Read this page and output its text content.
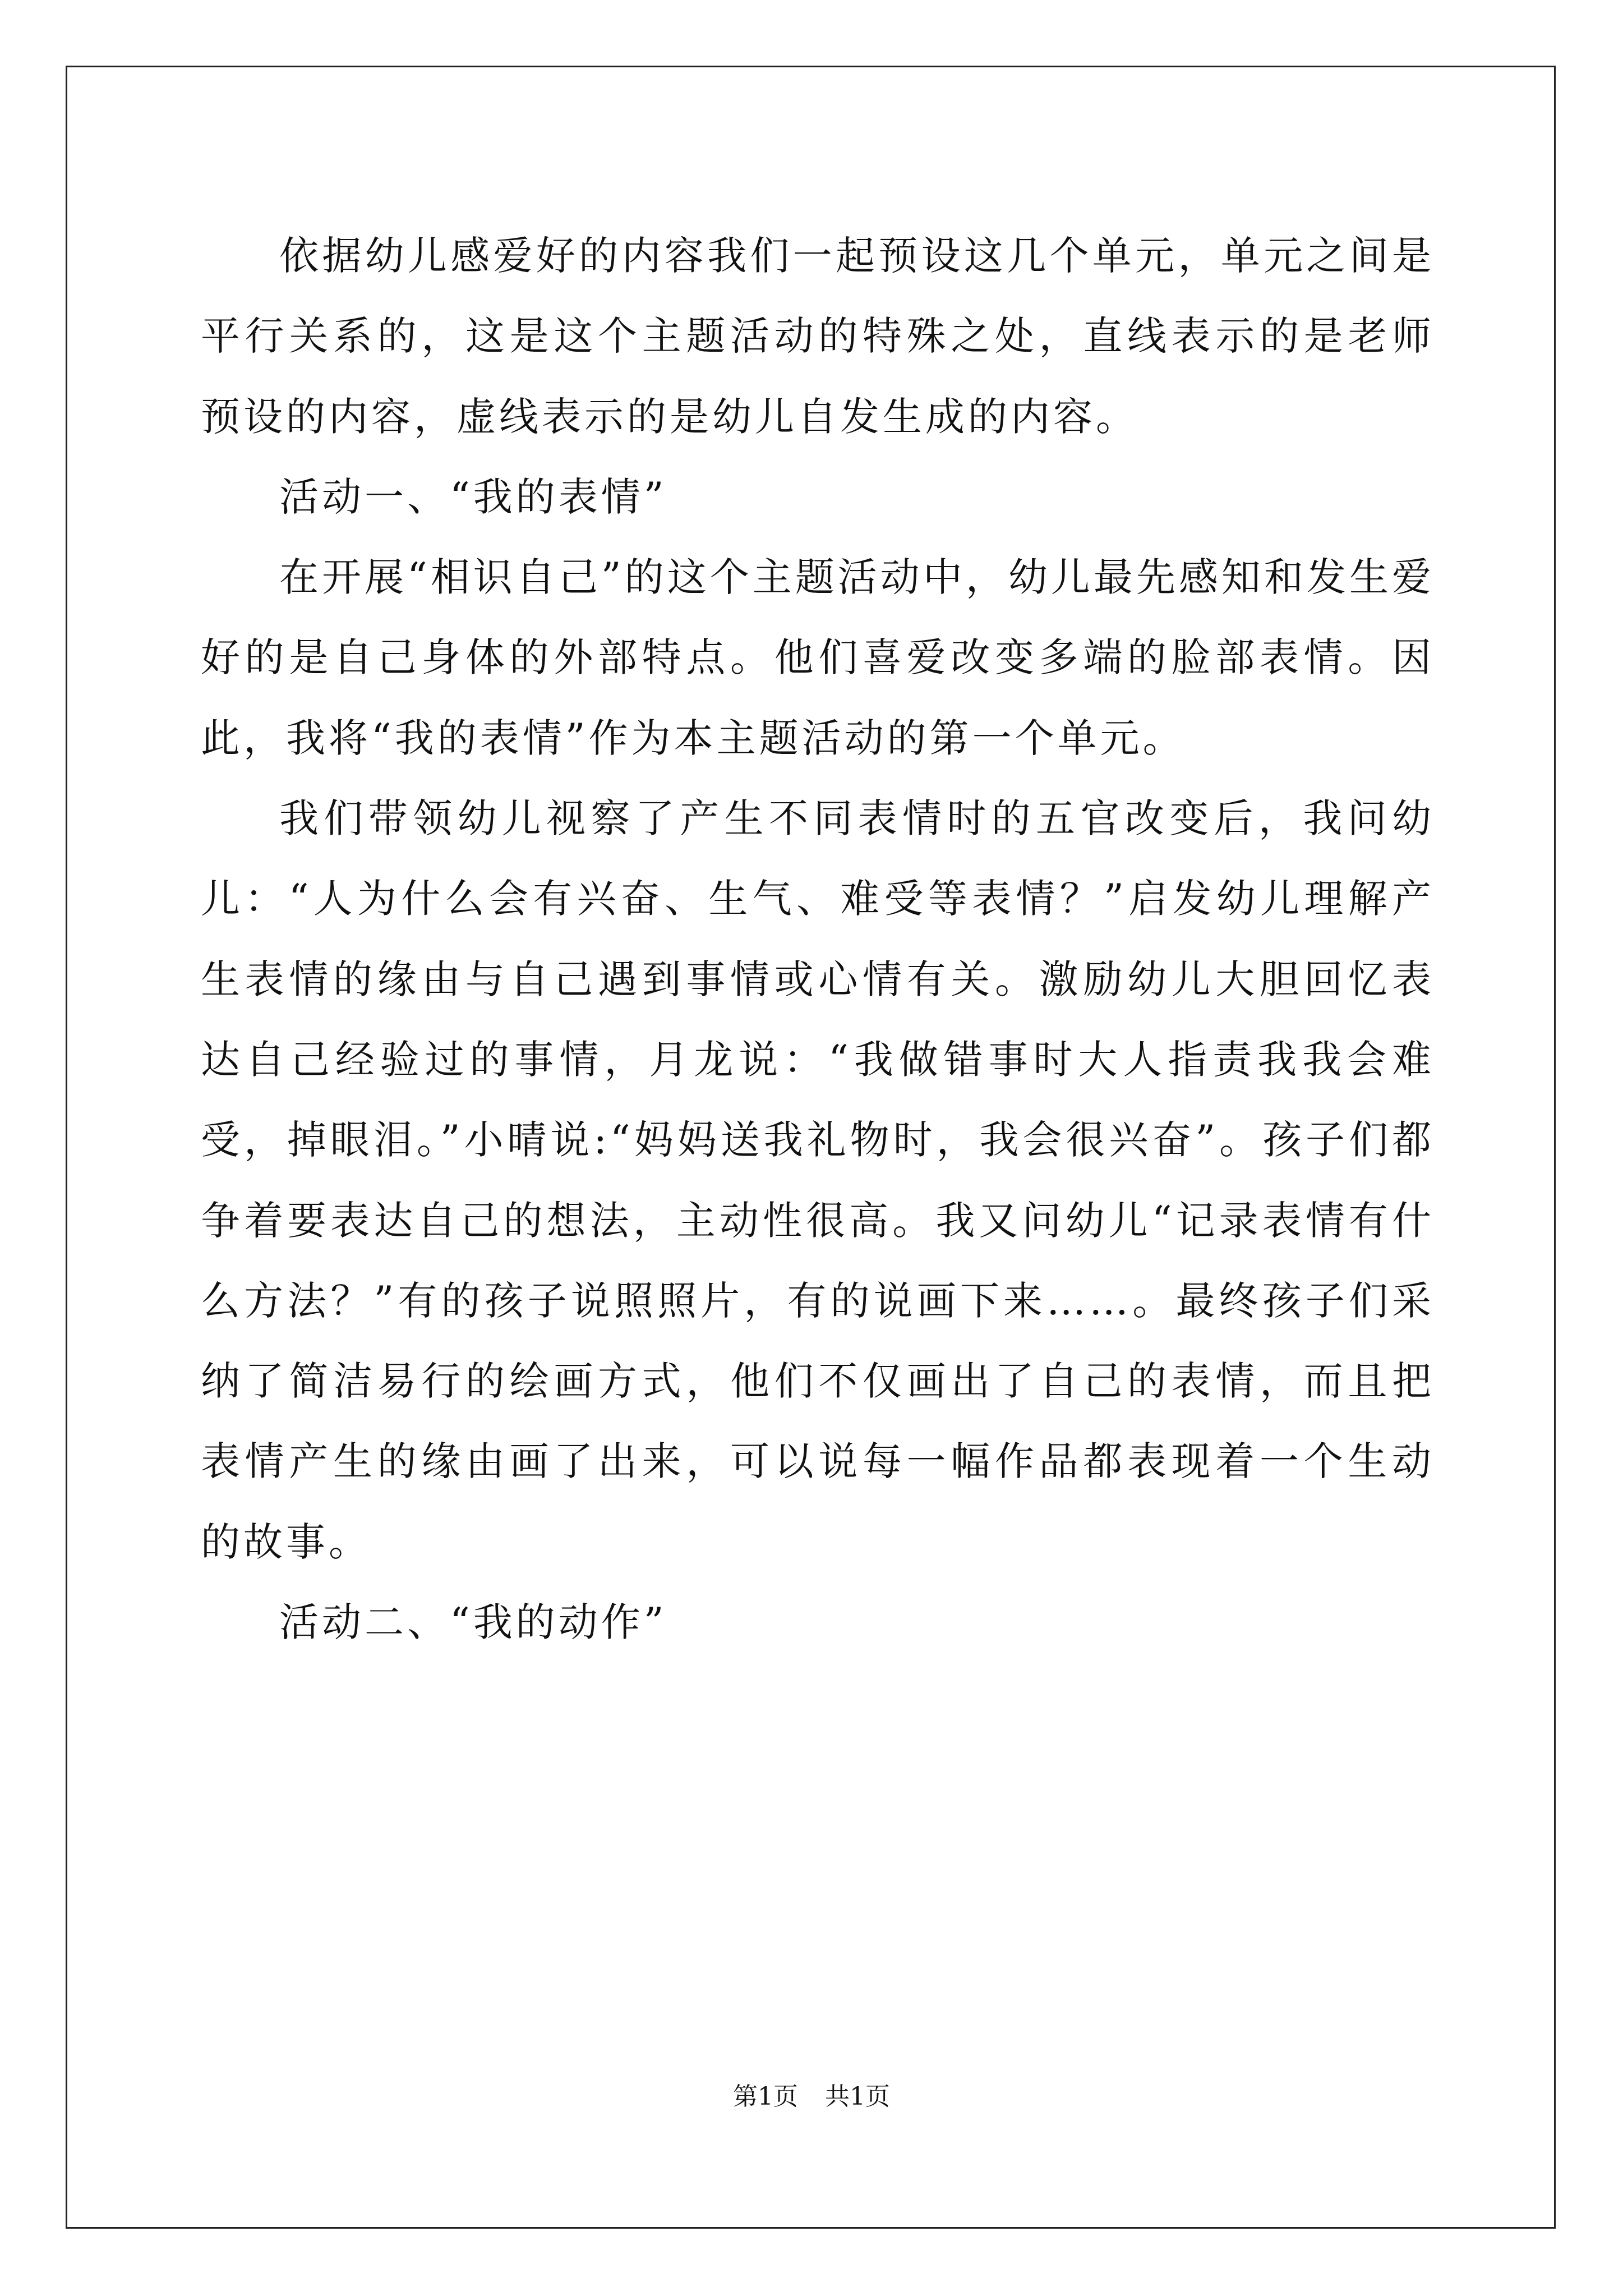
依据幼儿感爱好的内容我们一起预设这几个单元，单元之间是平行关系的，这是这个主题活动的特殊之处，直线表示的是老师预设的内容，虚线表示的是幼儿自发生成的内容。

活动一、“我的表情”

在开展“相识自己”的这个主题活动中，幼儿最先感知和发生爱好的是自己身体的外部特点。他们喜爱改变多端的脸部表情。因此，我将“我的表情”作为本主题活动的第一个单元。

我们带领幼儿视察了产生不同表情时的五官改变后，我问幼儿：“人为什么会有兴奋、生气、难受等表情？”启发幼儿理解产生表情的缘由与自己遇到事情或心情有关。激励幼儿大胆回忆表达自己经验过的事情，月龙说：“我做错事时大人指责我我会难受，掉眼泪。”小晴说:“妈妈送我礼物时，我会很兴奋”。孩子们都争着要表达自己的想法，主动性很高。我又问幼儿“记录表情有什么方法？”有的孩子说照照片，有的说画下来……。最终孩子们采纳了简洁易行的绘画方式，他们不仅画出了自己的表情，而且把表情产生的缘由画了出来，可以说每一幅作品都表现着一个生动的故事。

活动二、“我的动作”

第1页 共1页
